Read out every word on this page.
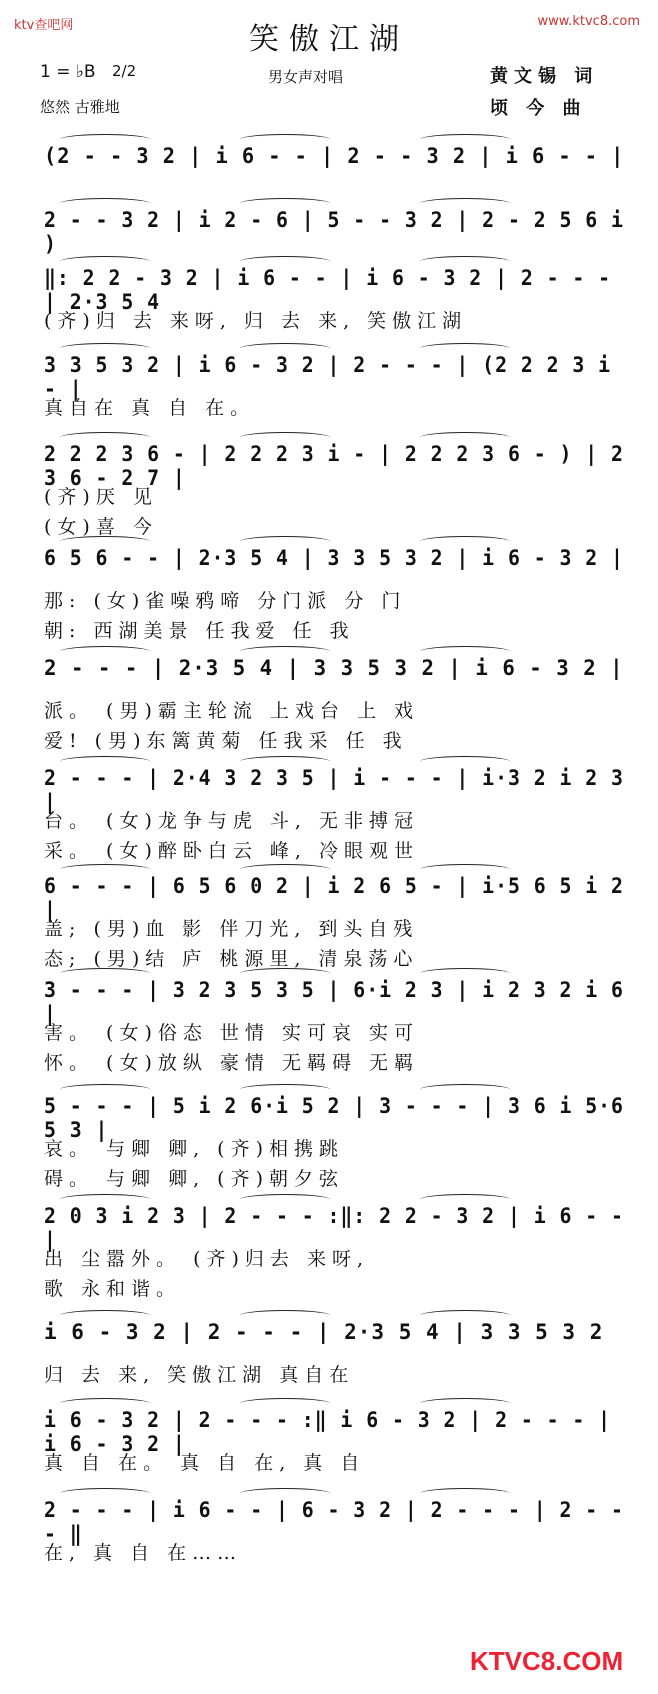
ktv查吧网	www.ktvc8.com
笑傲江湖
1 = ♭B 2/2	男女声对唱
悠然 古雅地
黄文锡 词
顷 今 曲
(2 - - 3 2 | i 6 - - | 2 - - 3 2 | i 6 - - |
2 - - 3 2 | i 2 - 6 | 5 - - 3 2 | 2 - 2 5 6 i )
‖: 2 2 - 3 2 | i 6 - - | i 6 - 3 2 | 2 - - - | 2·3 5 4
(齐)归 去 来呀, 归 去 来, 笑傲江湖
3 3 5 3 2 | i 6 - 3 2 | 2 - - - | (2 2 2 3 i - |
真自在 真 自 在。
2 2 2 3 6 - | 2 2 2 3 i - | 2 2 2 3 6 - ) | 2 3 6 - 2 7 |
(齐)厌 见
(女)喜 今
6 5 6 - - | 2·3 5 4 | 3 3 5 3 2 | i 6 - 3 2 |
那: (女)雀噪鸦啼 分门派 分 门
朝: 西湖美景 任我爱 任 我
2 - - - | 2·3 5 4 | 3 3 5 3 2 | i 6 - 3 2 |
派。 (男)霸主轮流 上戏台 上 戏
爱! (男)东篱黄菊 任我采 任 我
2 - - - | 2·4 3 2 3 5 | i - - - | i·3 2 i 2 3 |
台。 (女)龙争与虎 斗, 无非搏冠
采。 (女)醉卧白云 峰, 冷眼观世
6 - - - | 6 5 6 0 2 | i 2 6 5 - | i·5 6 5 i 2 |
盖; (男)血 影 伴刀光, 到头自残
态; (男)结 庐 桃源里, 清泉荡心
3 - - - | 3 2 3 5 3 5 | 6·i 2 3 | i 2 3 2 i 6 |
害。 (女)俗态 世情 实可哀 实可
怀。 (女)放纵 豪情 无羁碍 无羁
5 - - - | 5 i 2 6·i 5 2 | 3 - - - | 3 6 i 5·6 5 3 |
哀。 与卿 卿, (齐)相携跳
碍。 与卿 卿, (齐)朝夕弦
2 0 3 i 2 3 | 2 - - - :‖: 2 2 - 3 2 | i 6 - - |
出 尘嚣外。 (齐)归去 来呀,
歌 永和谐。
i 6 - 3 2 | 2 - - - | 2·3 5 4 | 3 3 5 3 2
归 去 来, 笑傲江湖 真自在
i 6 - 3 2 | 2 - - - :‖ i 6 - 3 2 | 2 - - - | i 6 - 3 2 |
真 自 在。 真 自 在, 真 自
2 - - - | i 6 - - | 6 - 3 2 | 2 - - - | 2 - - - ‖
在, 真 自 在……
KTVC8.COM
